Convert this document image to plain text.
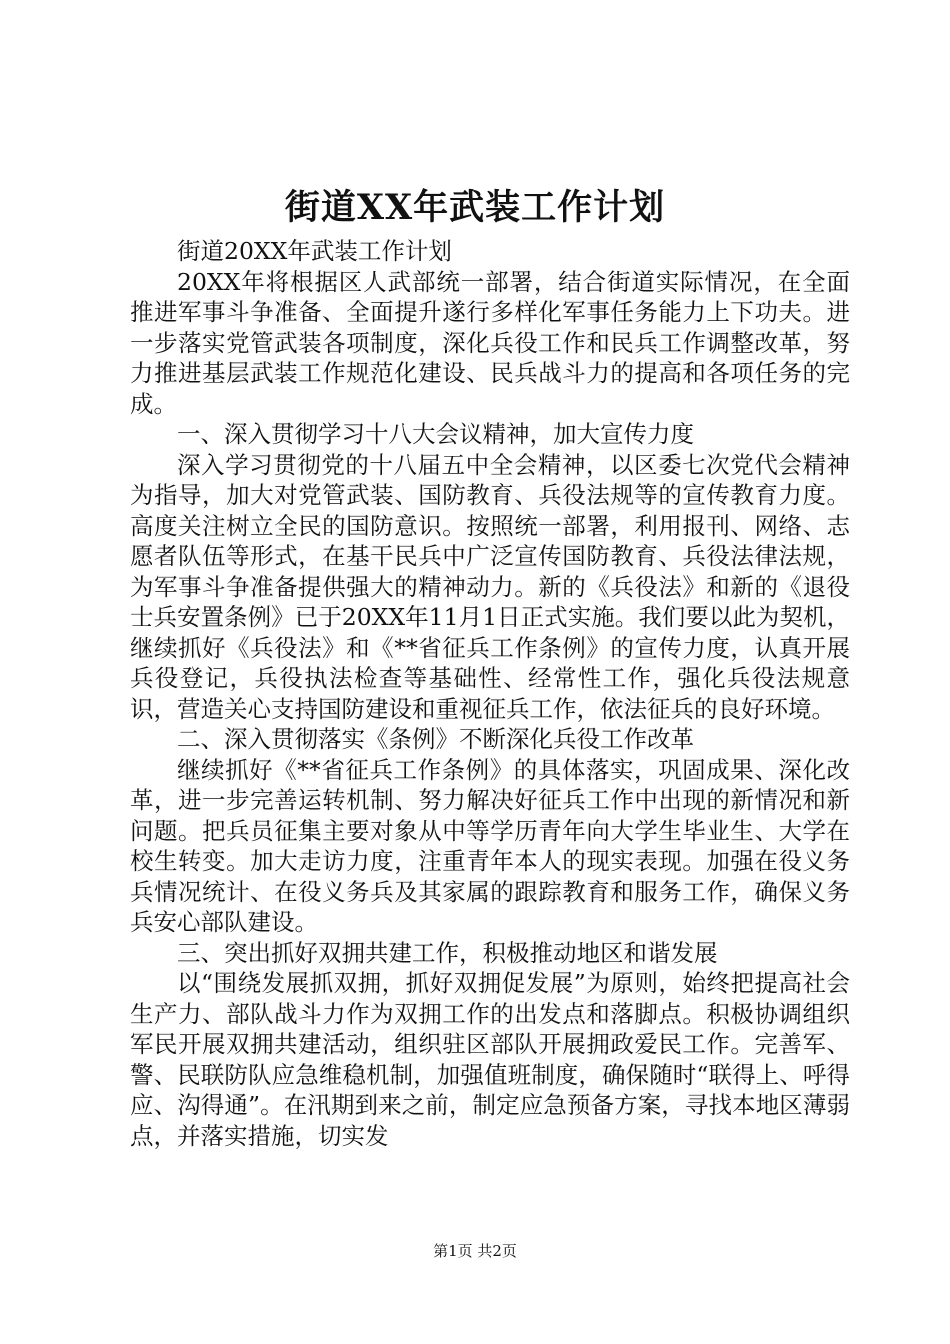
街道XX年武装工作计划

街道20XX年武装工作计划

20XX年将根据区人武部统一部署，结合街道实际情况，在全面推进军事斗争准备、全面提升遂行多样化军事任务能力上下功夫。进一步落实党管武装各项制度，深化兵役工作和民兵工作调整改革，努力推进基层武装工作规范化建设、民兵战斗力的提高和各项任务的完成。

一、深入贯彻学习十八大会议精神，加大宣传力度

深入学习贯彻党的十八届五中全会精神，以区委七次党代会精神为指导，加大对党管武装、国防教育、兵役法规等的宣传教育力度。高度关注树立全民的国防意识。按照统一部署，利用报刊、网络、志愿者队伍等形式，在基干民兵中广泛宣传国防教育、兵役法律法规，为军事斗争准备提供强大的精神动力。新的《兵役法》和新的《退役士兵安置条例》已于20XX年11月1日正式实施。我们要以此为契机，继续抓好《兵役法》和《**省征兵工作条例》的宣传力度，认真开展兵役登记，兵役执法检查等基础性、经常性工作，强化兵役法规意识，营造关心支持国防建设和重视征兵工作，依法征兵的良好环境。

二、深入贯彻落实《条例》不断深化兵役工作改革

继续抓好《**省征兵工作条例》的具体落实，巩固成果、深化改革，进一步完善运转机制、努力解决好征兵工作中出现的新情况和新问题。把兵员征集主要对象从中等学历青年向大学生毕业生、大学在校生转变。加大走访力度，注重青年本人的现实表现。加强在役义务兵情况统计、在役义务兵及其家属的跟踪教育和服务工作，确保义务兵安心部队建设。

三、突出抓好双拥共建工作，积极推动地区和谐发展

以“围绕发展抓双拥，抓好双拥促发展”为原则，始终把提高社会生产力、部队战斗力作为双拥工作的出发点和落脚点。积极协调组织军民开展双拥共建活动，组织驻区部队开展拥政爱民工作。完善军、警、民联防队应急维稳机制，加强值班制度，确保随时“联得上、呼得应、沟得通”。在汛期到来之前，制定应急预备方案，寻找本地区薄弱点，并落实措施，切实发

第1页 共2页
